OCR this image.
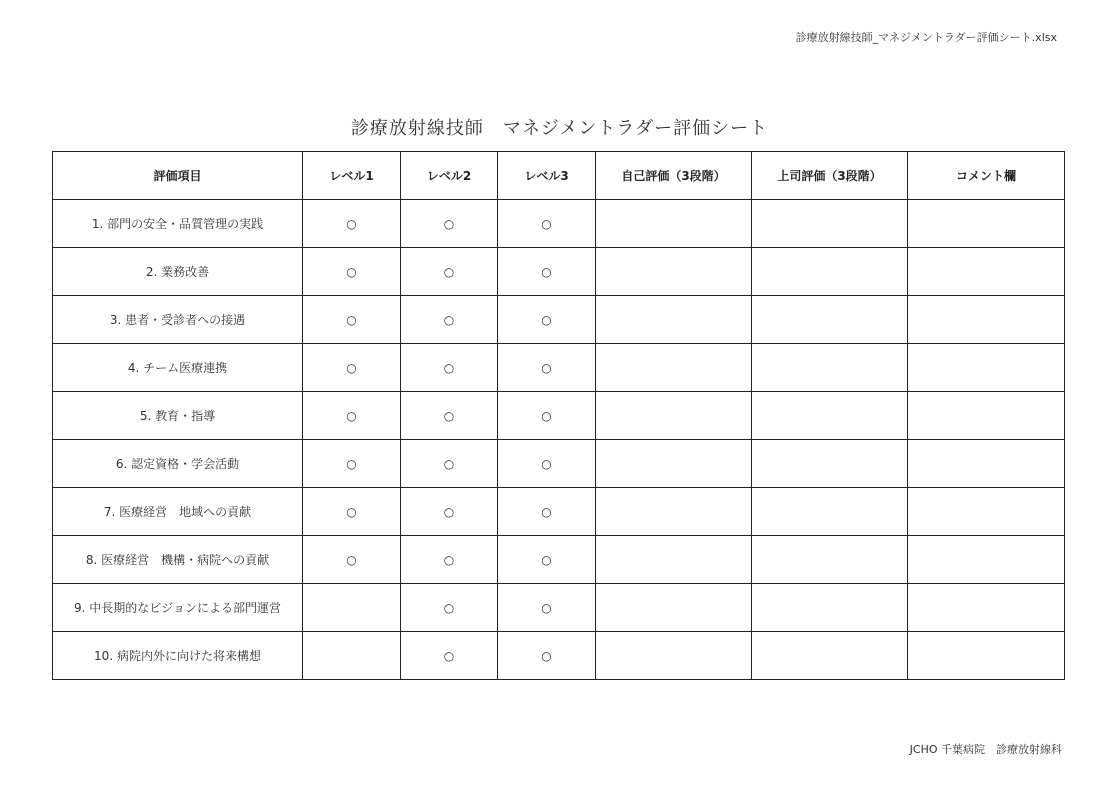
診療放射線技師_マネジメントラダー評価シート.xlsx
診療放射線技師　マネジメントラダー評価シート
評価項目	レベル1	レベル2	レベル3	自己評価（3段階）	上司評価（3段階）	コメント欄
1. 部門の安全・品質管理の実践	○	○	○			
2. 業務改善	○	○	○			
3. 患者・受診者への接遇	○	○	○			
4. チーム医療連携	○	○	○			
5. 教育・指導	○	○	○			
6. 認定資格・学会活動	○	○	○			
7. 医療経営　地域への貢献	○	○	○			
8. 医療経営　機構・病院への貢献	○	○	○			
9. 中長期的なビジョンによる部門運営		○	○			
10. 病院内外に向けた将来構想		○	○			
JCHO 千葉病院　診療放射線科
